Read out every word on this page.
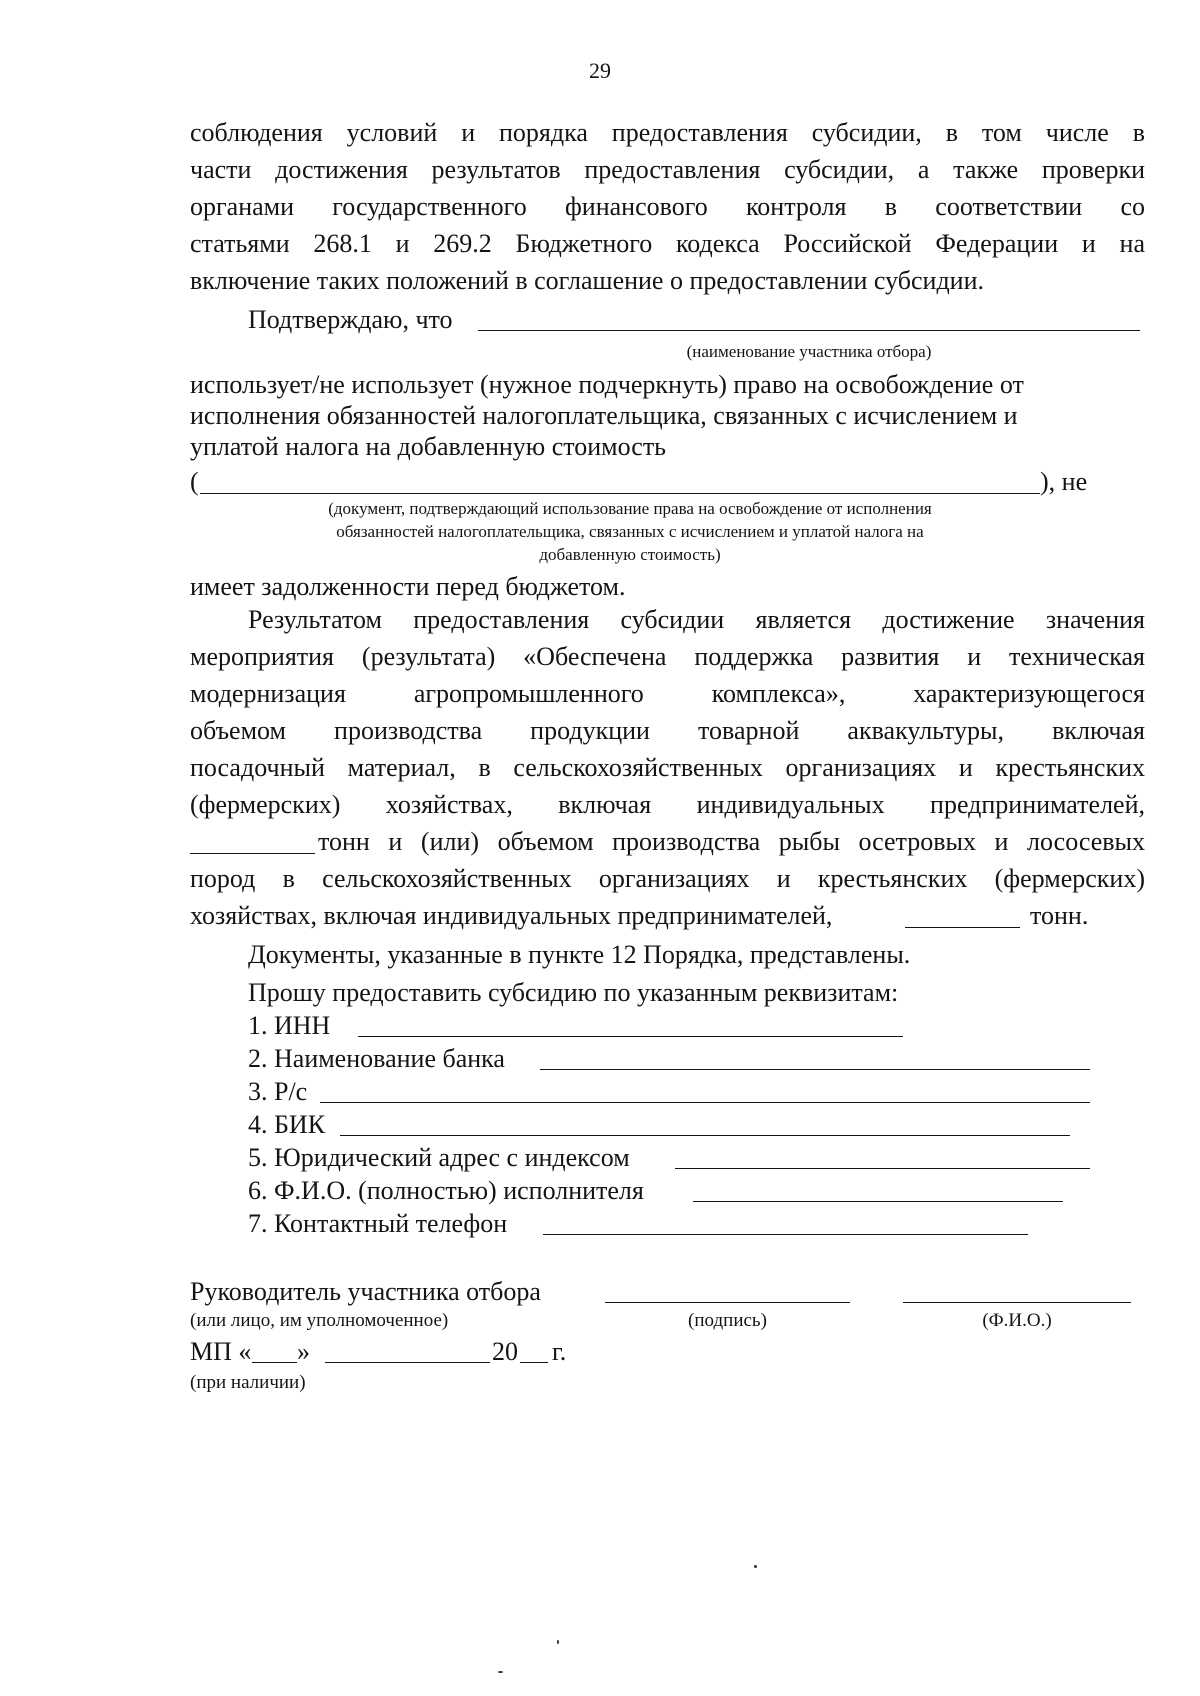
29
соблюдения условий и порядка предоставления субсидии, в том числе в
части достижения результатов предоставления субсидии, а также проверки
органами государственного финансового контроля в соответствии со
статьями 268.1 и 269.2 Бюджетного кодекса Российской Федерации и на
включение таких положений в соглашение о предоставлении субсидии.
Подтверждаю, что
(наименование участника отбора)
использует/не использует (нужное подчеркнуть) право на освобождение от
исполнения обязанностей налогоплательщика, связанных с исчислением и
уплатой налога на добавленную стоимость
(	), не
(документ, подтверждающий использование права на освобождение от исполнения
обязанностей налогоплательщика, связанных с исчислением и уплатой налога на
добавленную стоимость)
имеет задолженности перед бюджетом.
Результатом предоставления субсидии является достижение значения
мероприятия (результата) «Обеспечена поддержка развития и техническая
модернизация агропромышленного комплекса», характеризующегося
объемом производства продукции товарной аквакультуры, включая
посадочный материал, в сельскохозяйственных организациях и крестьянских
(фермерских) хозяйствах, включая индивидуальных предпринимателей,
тонн и (или) объемом производства рыбы осетровых и лососевых
пород в сельскохозяйственных организациях и крестьянских (фермерских)
хозяйствах, включая индивидуальных предпринимателей,	тонн.
Документы, указанные в пункте 12 Порядка, представлены.
Прошу предоставить субсидию по указанным реквизитам:
1. ИНН
2. Наименование банка
3. Р/с
4. БИК
5. Юридический адрес с индексом
6. Ф.И.О. (полностью) исполнителя
7. Контактный телефон
Руководитель участника отбора
(или лицо, им уполномоченное)	(подпись)	(Ф.И.О.)
МП « »	20 г.
(при наличии)
